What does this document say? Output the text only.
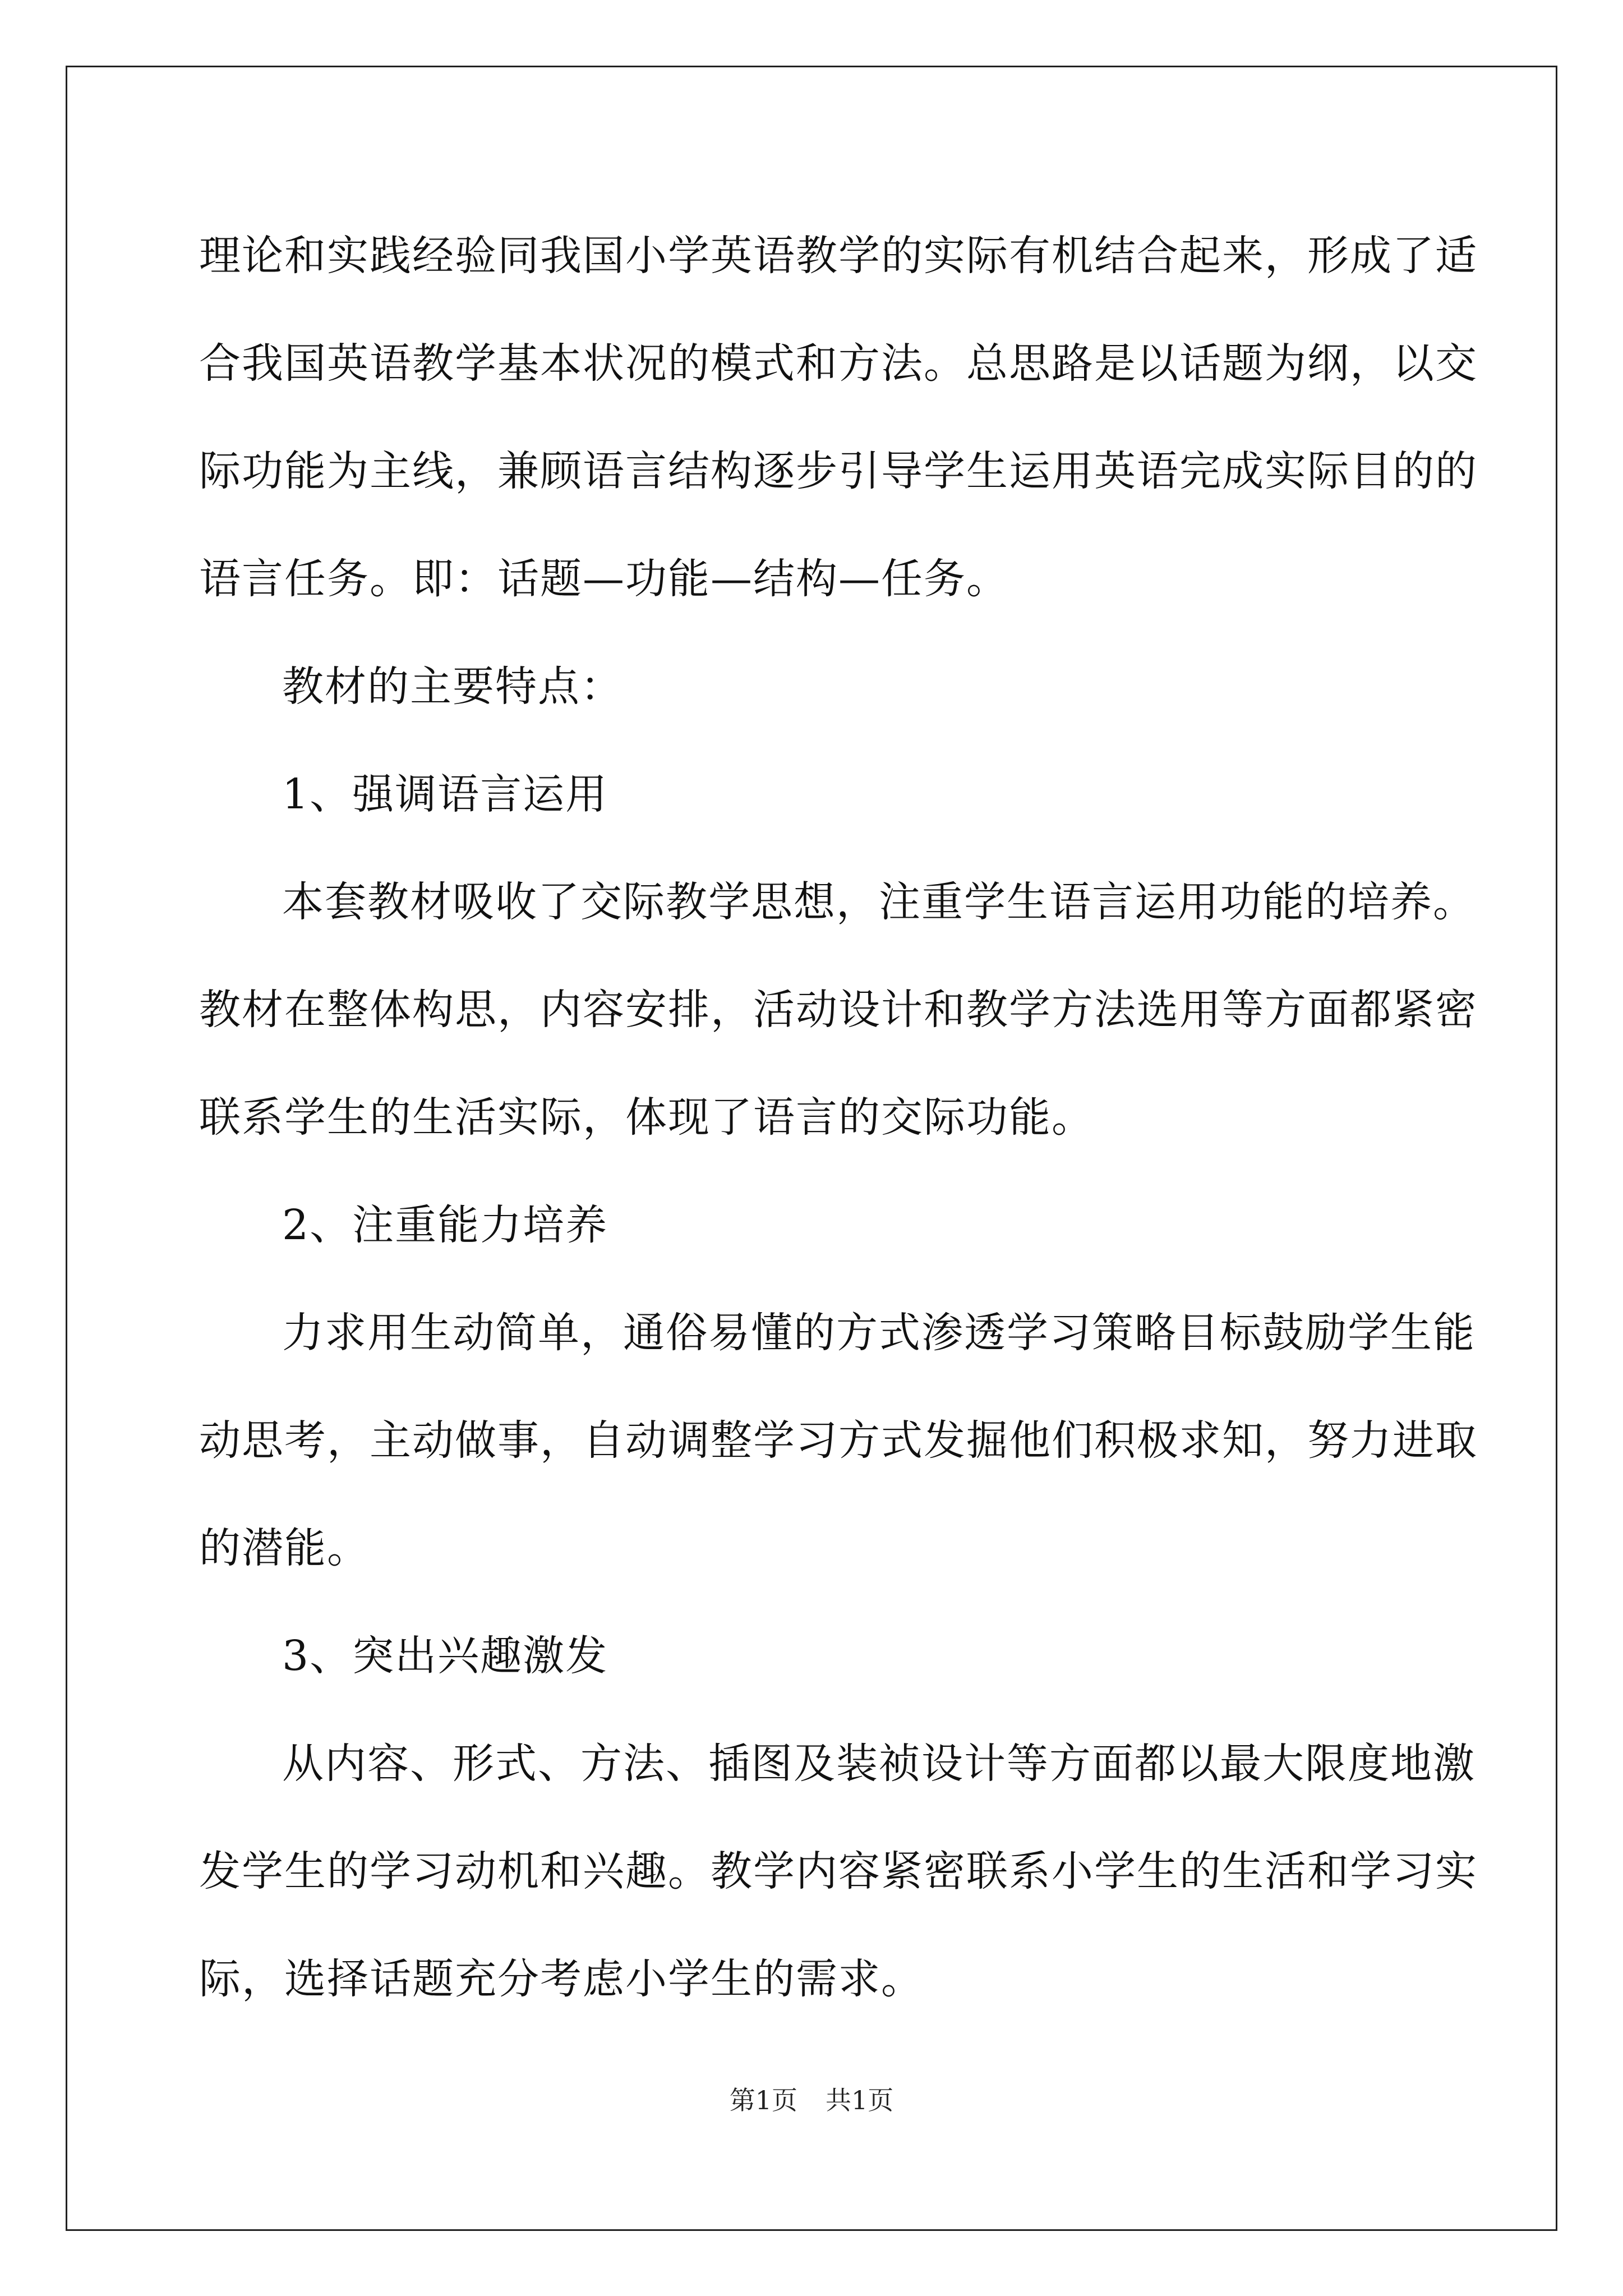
理论和实践经验同我国小学英语教学的实际有机结合起来，形成了适
合我国英语教学基本状况的模式和方法。总思路是以话题为纲，以交
际功能为主线，兼顾语言结构逐步引导学生运用英语完成实际目的的
语言任务。即：话题—功能—结构—任务。
教材的主要特点：
1、强调语言运用
本套教材吸收了交际教学思想，注重学生语言运用功能的培养。
教材在整体构思，内容安排，活动设计和教学方法选用等方面都紧密
联系学生的生活实际，体现了语言的交际功能。
2、注重能力培养
力求用生动简单，通俗易懂的方式渗透学习策略目标鼓励学生能
动思考，主动做事，自动调整学习方式发掘他们积极求知，努力进取
的潜能。
3、突出兴趣激发
从内容、形式、方法、插图及装祯设计等方面都以最大限度地激
发学生的学习动机和兴趣。教学内容紧密联系小学生的生活和学习实
际，选择话题充分考虑小学生的需求。
第1页 共1页
